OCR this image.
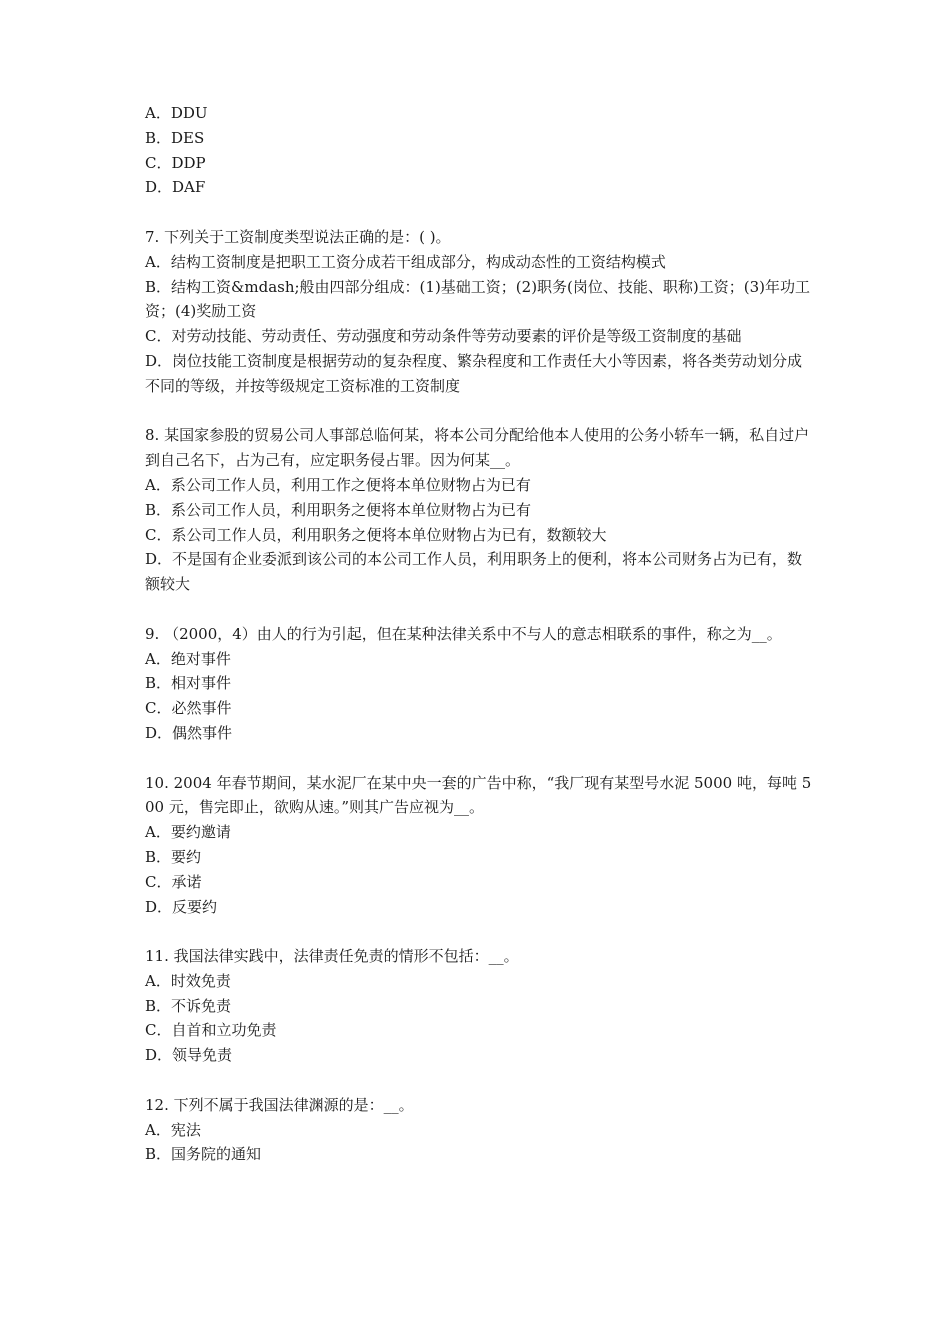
A．DDU

B．DES

C．DDP

D．DAF

7. 下列关于工资制度类型说法正确的是：( )。

A．结构工资制度是把职工工资分成若干组成部分，构成动态性的工资结构模式

B．结构工资&mdash;般由四部分组成：(1)基础工资；(2)职务(岗位、技能、职称)工资；(3)年功工资；(4)奖励工资

C．对劳动技能、劳动责任、劳动强度和劳动条件等劳动要素的评价是等级工资制度的基础

D．岗位技能工资制度是根据劳动的复杂程度、繁杂程度和工作责任大小等因素，将各类劳动划分成不同的等级，并按等级规定工资标准的工资制度

8. 某国家参股的贸易公司人事部总临何某，将本公司分配给他本人使用的公务小轿车一辆，私自过户到自己名下，占为己有，应定职务侵占罪。因为何某__。

A．系公司工作人员，利用工作之便将本单位财物占为已有

B．系公司工作人员，利用职务之便将本单位财物占为已有

C．系公司工作人员，利用职务之便将本单位财物占为已有，数额较大

D．不是国有企业委派到该公司的本公司工作人员，利用职务上的便利，将本公司财务占为已有，数额较大

9. （2000，4）由人的行为引起，但在某种法律关系中不与人的意志相联系的事件，称之为__。

A．绝对事件

B．相对事件

C．必然事件

D．偶然事件

10. 2004 年春节期间，某水泥厂在某中央一套的广告中称，“我厂现有某型号水泥 5000 吨，每吨 500 元，售完即止，欲购从速。”则其广告应视为__。

A．要约邀请

B．要约

C．承诺

D．反要约

11. 我国法律实践中，法律责任免责的情形不包括：__。

A．时效免责

B．不诉免责

C．自首和立功免责

D．领导免责

12. 下列不属于我国法律渊源的是：__。

A．宪法

B．国务院的通知
